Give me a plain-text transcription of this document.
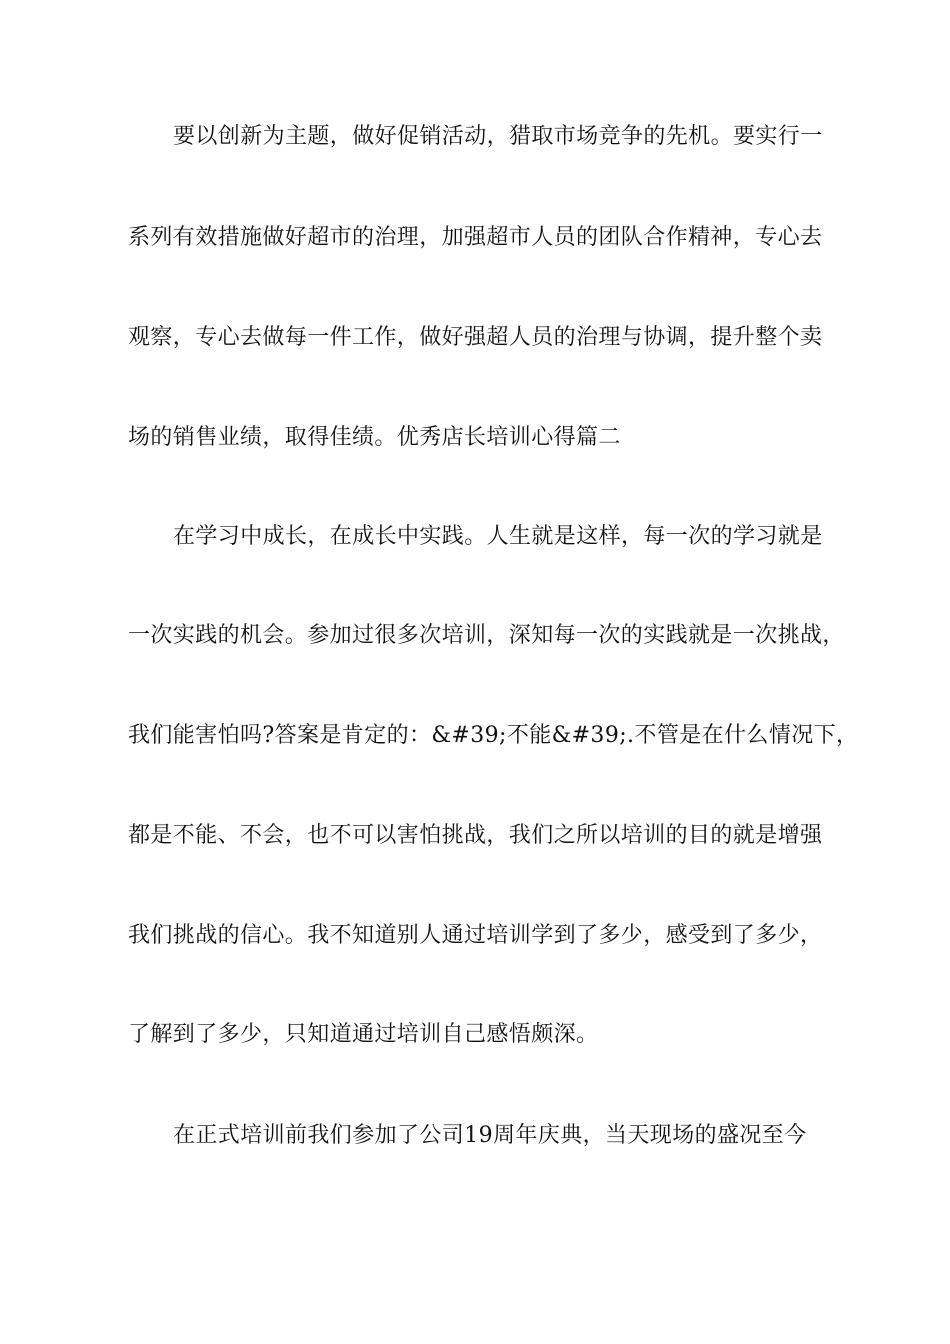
要以创新为主题，做好促销活动，猎取市场竞争的先机。要实行一
系列有效措施做好超市的治理，加强超市人员的团队合作精神，专心去
观察，专心去做每一件工作，做好强超人员的治理与协调，提升整个卖
场的销售业绩，取得佳绩。优秀店长培训心得篇二
在学习中成长，在成长中实践。人生就是这样，每一次的学习就是
一次实践的机会。参加过很多次培训，深知每一次的实践就是一次挑战，
我们能害怕吗?答案是肯定的：&#39;不能&#39;.不管是在什么情况下，
都是不能、不会，也不可以害怕挑战，我们之所以培训的目的就是增强
我们挑战的信心。我不知道别人通过培训学到了多少，感受到了多少，
了解到了多少，只知道通过培训自己感悟颇深。
在正式培训前我们参加了公司19周年庆典，当天现场的盛况至今
